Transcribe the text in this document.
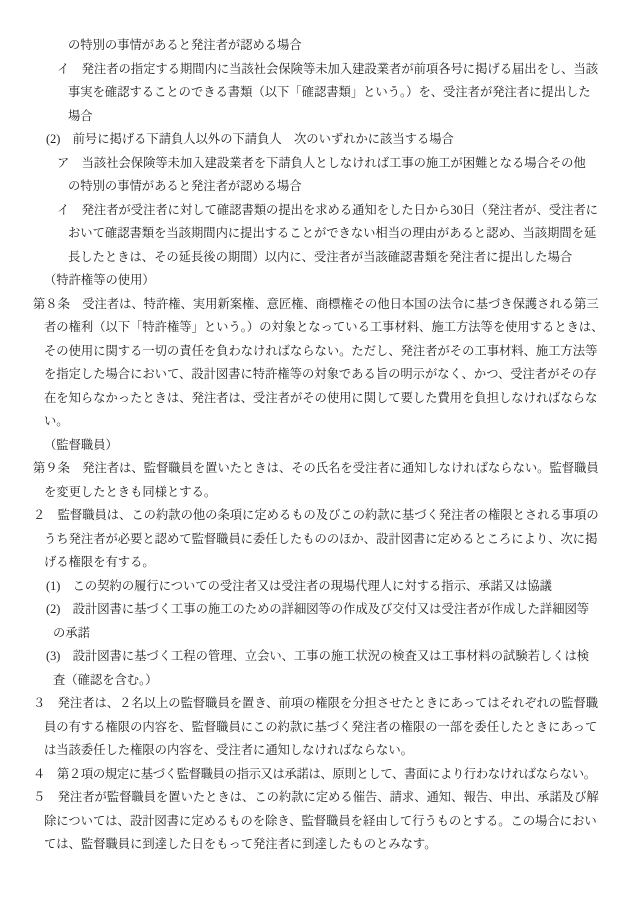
の特別の事情があると発注者が認める場合
イ　発注者の指定する期間内に当該社会保険等未加入建設業者が前項各号に掲げる届出をし、当該
事実を確認することのできる書類（以下「確認書類」という。）を、受注者が発注者に提出した
場合
(2)　前号に掲げる下請負人以外の下請負人　次のいずれかに該当する場合
ア　当該社会保険等未加入建設業者を下請負人としなければ工事の施工が困難となる場合その他
の特別の事情があると発注者が認める場合
イ　発注者が受注者に対して確認書類の提出を求める通知をした日から30日（発注者が、受注者に
おいて確認書類を当該期間内に提出することができない相当の理由があると認め、当該期間を延
長したときは、その延長後の期間）以内に、受注者が当該確認書類を発注者に提出した場合
（特許権等の使用）
第８条　受注者は、特許権、実用新案権、意匠権、商標権その他日本国の法令に基づき保護される第三
者の権利（以下「特許権等」という。）の対象となっている工事材料、施工方法等を使用するときは、
その使用に関する一切の責任を負わなければならない。ただし、発注者がその工事材料、施工方法等
を指定した場合において、設計図書に特許権等の対象である旨の明示がなく、かつ、受注者がその存
在を知らなかったときは、発注者は、受注者がその使用に関して要した費用を負担しなければならな
い。
（監督職員）
第９条　発注者は、監督職員を置いたときは、その氏名を受注者に通知しなければならない。監督職員
を変更したときも同様とする。
２　監督職員は、この約款の他の条項に定めるもの及びこの約款に基づく発注者の権限とされる事項の
うち発注者が必要と認めて監督職員に委任したもののほか、設計図書に定めるところにより、次に掲
げる権限を有する。
(1)　この契約の履行についての受注者又は受注者の現場代理人に対する指示、承諾又は協議
(2)　設計図書に基づく工事の施工のための詳細図等の作成及び交付又は受注者が作成した詳細図等
の承諾
(3)　設計図書に基づく工程の管理、立会い、工事の施工状況の検査又は工事材料の試験若しくは検
査（確認を含む。）
３　発注者は、２名以上の監督職員を置き、前項の権限を分担させたときにあってはそれぞれの監督職
員の有する権限の内容を、監督職員にこの約款に基づく発注者の権限の一部を委任したときにあって
は当該委任した権限の内容を、受注者に通知しなければならない。
４　第２項の規定に基づく監督職員の指示又は承諾は、原則として、書面により行わなければならない。
５　発注者が監督職員を置いたときは、この約款に定める催告、請求、通知、報告、申出、承諾及び解
除については、設計図書に定めるものを除き、監督職員を経由して行うものとする。この場合におい
ては、監督職員に到達した日をもって発注者に到達したものとみなす。
